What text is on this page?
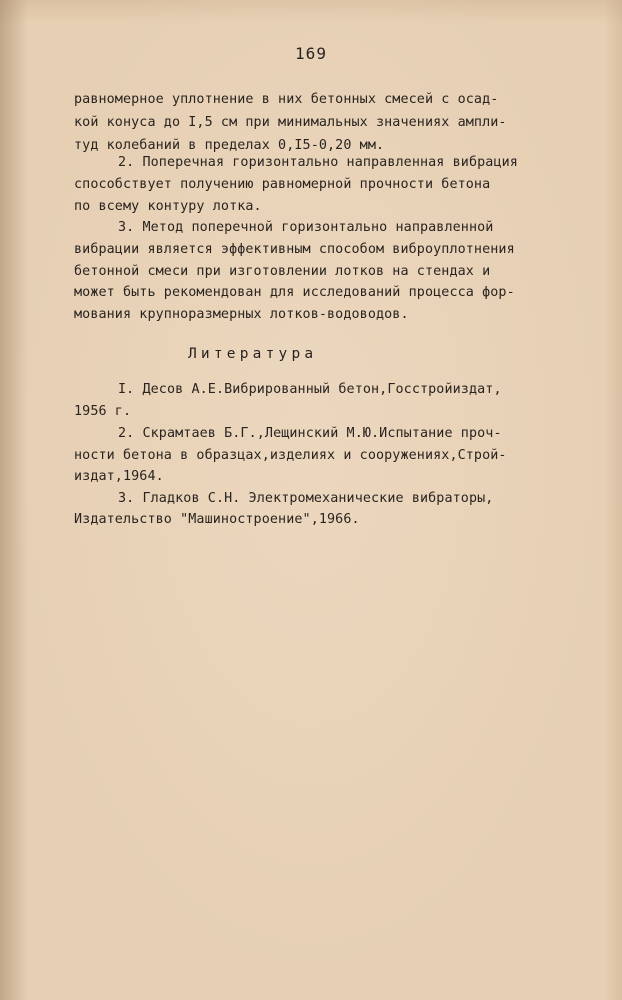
169
равномерное уплотнение в них бетонных смесей с осад-
кой конуса до I,5 см при минимальных значениях ампли-
туд колебаний в пределах 0,I5-0,20 мм.
2. Поперечная горизонтально направленная вибрация
способствует получению равномерной прочности бетона
по всему контуру лотка.
3. Метод поперечной горизонтально направленной
вибрации является эффективным способом виброуплотнения
бетонной смеси при изготовлении лотков на стендах и
может быть рекомендован для исследований процесса фор-
мования крупноразмерных лотков-водоводов.
Литература
I. Десов А.Е.Вибрированный бетон,Госстройиздат,
1956 г.
2. Скрамтаев Б.Г.,Лещинский М.Ю.Испытание проч-
ности бетона в образцах,изделиях и сооружениях,Строй-
издат,1964.
3. Гладков С.Н. Электромеханические вибраторы,
Издательство "Машиностроение",1966.
